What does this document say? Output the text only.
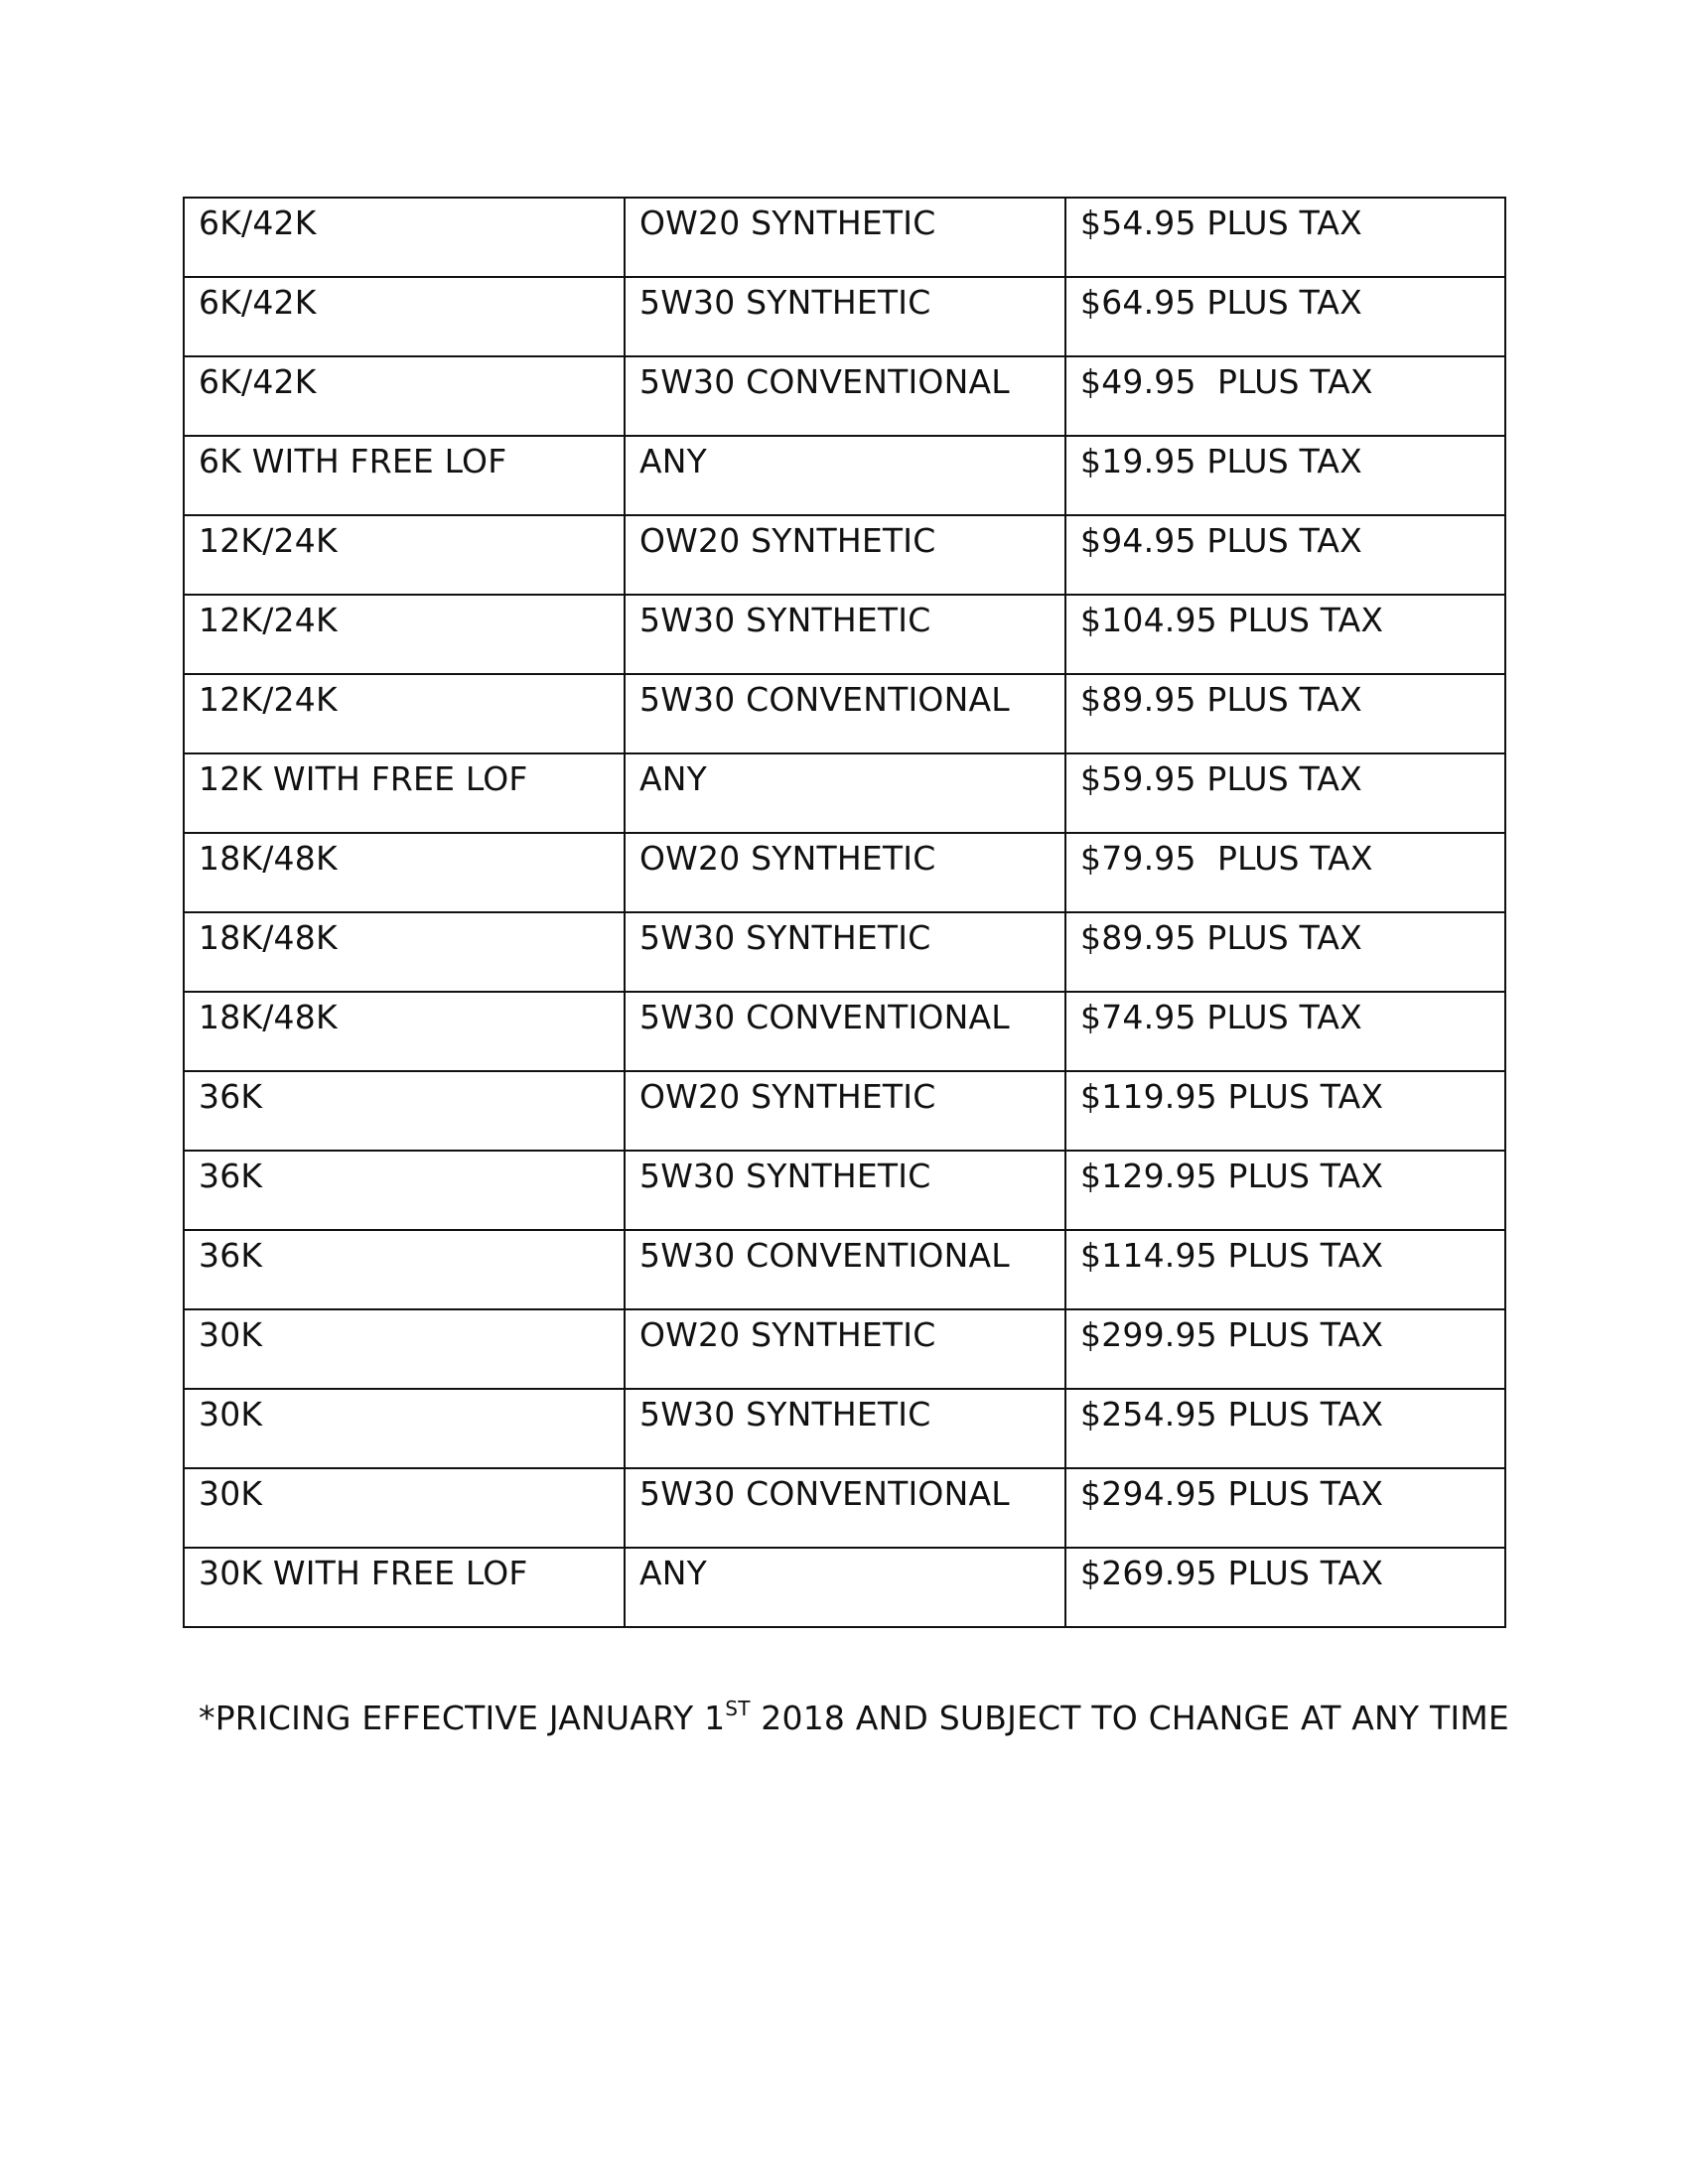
6K/42K	OW20 SYNTHETIC	$54.95 PLUS TAX
6K/42K	5W30 SYNTHETIC	$64.95 PLUS TAX
6K/42K	5W30 CONVENTIONAL	$49.95  PLUS TAX
6K WITH FREE LOF	ANY	$19.95 PLUS TAX
12K/24K	OW20 SYNTHETIC	$94.95 PLUS TAX
12K/24K	5W30 SYNTHETIC	$104.95 PLUS TAX
12K/24K	5W30 CONVENTIONAL	$89.95 PLUS TAX
12K WITH FREE LOF	ANY	$59.95 PLUS TAX
18K/48K	OW20 SYNTHETIC	$79.95  PLUS TAX
18K/48K	5W30 SYNTHETIC	$89.95 PLUS TAX
18K/48K	5W30 CONVENTIONAL	$74.95 PLUS TAX
36K	OW20 SYNTHETIC	$119.95 PLUS TAX
36K	5W30 SYNTHETIC	$129.95 PLUS TAX
36K	5W30 CONVENTIONAL	$114.95 PLUS TAX
30K	OW20 SYNTHETIC	$299.95 PLUS TAX
30K	5W30 SYNTHETIC	$254.95 PLUS TAX
30K	5W30 CONVENTIONAL	$294.95 PLUS TAX
30K WITH FREE LOF	ANY	$269.95 PLUS TAX
*PRICING EFFECTIVE JANUARY 1ST 2018 AND SUBJECT TO CHANGE AT ANY TIME
